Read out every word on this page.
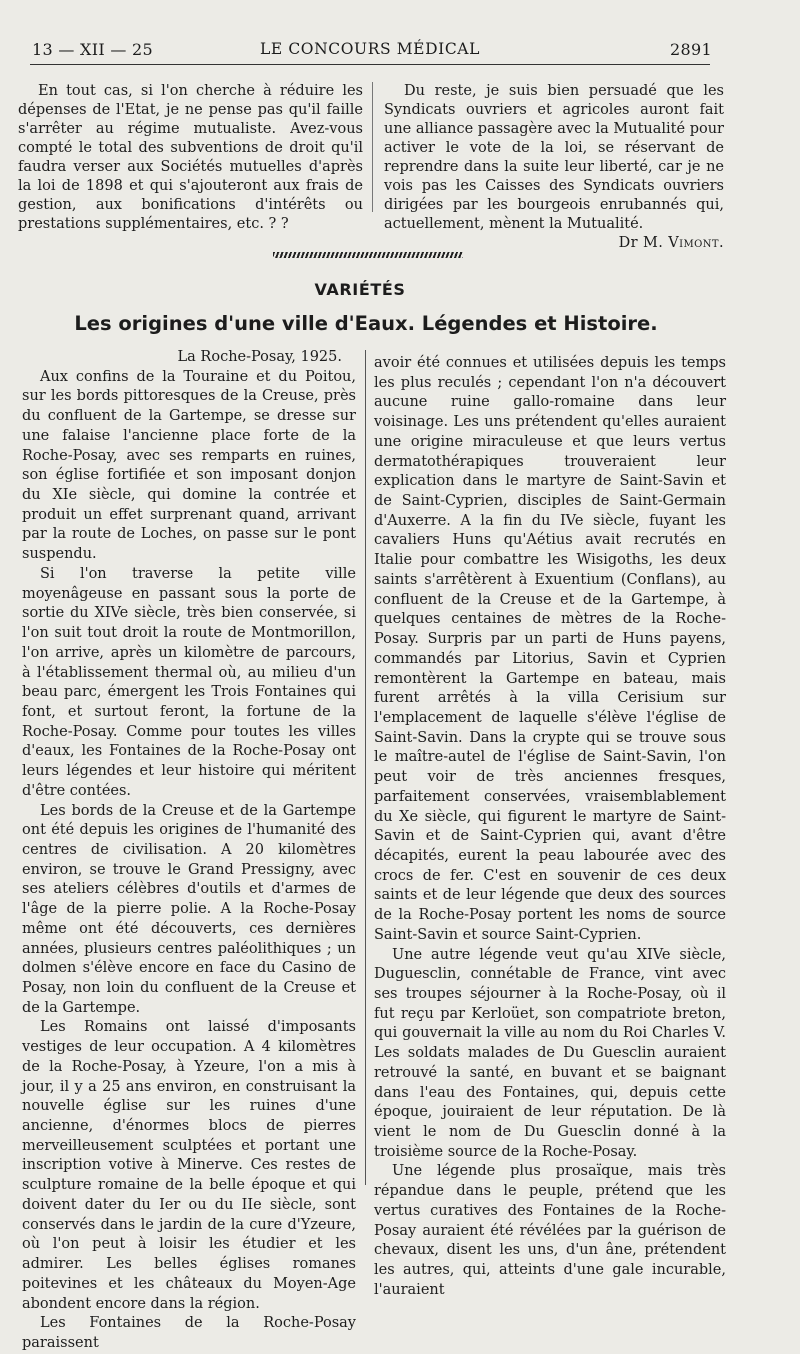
13 — XII — 25	LE CONCOURS MÉDICAL	2891

En tout cas, si l'on cherche à réduire les dépenses de l'Etat, je ne pense pas qu'il faille s'arrêter au régime mutualiste. Avez-vous compté le total des subventions de droit qu'il faudra verser aux Sociétés mutuelles d'après la loi de 1898 et qui s'ajouteront aux frais de gestion, aux bonifications d'intérêts ou prestations supplémentaires, etc. ? ?

Du reste, je suis bien persuadé que les Syndicats ouvriers et agricoles auront fait une alliance passagère avec la Mutualité pour activer le vote de la loi, se réservant de reprendre dans la suite leur liberté, car je ne vois pas les Caisses des Syndicats ouvriers dirigées par les bourgeois enrubannés qui, actuellement, mènent la Mutualité.

Dr M. Vimont.
VARIÉTÉS
Les origines d'une ville d'Eaux. Légendes et Histoire.

La Roche-Posay, 1925.

Aux confins de la Touraine et du Poitou, sur les bords pittoresques de la Creuse, près du confluent de la Gartempe, se dresse sur une falaise l'ancienne place forte de la Roche-Posay, avec ses remparts en ruines, son église fortifiée et son imposant donjon du XIe siècle, qui domine la contrée et produit un effet surprenant quand, arrivant par la route de Loches, on passe sur le pont suspendu.

Si l'on traverse la petite ville moyenâgeuse en passant sous la porte de sortie du XIVe siècle, très bien conservée, si l'on suit tout droit la route de Montmorillon, l'on arrive, après un kilomètre de parcours, à l'établissement thermal où, au milieu d'un beau parc, émergent les Trois Fontaines qui font, et surtout feront, la fortune de la Roche-Posay. Comme pour toutes les villes d'eaux, les Fontaines de la Roche-Posay ont leurs légendes et leur histoire qui méritent d'être contées.

Les bords de la Creuse et de la Gartempe ont été depuis les origines de l'humanité des centres de civilisation. A 20 kilomètres environ, se trouve le Grand Pressigny, avec ses ateliers célèbres d'outils et d'armes de l'âge de la pierre polie. A la Roche-Posay même ont été découverts, ces dernières années, plusieurs centres paléolithiques ; un dolmen s'élève encore en face du Casino de Posay, non loin du confluent de la Creuse et de la Gartempe.

Les Romains ont laissé d'imposants vestiges de leur occupation. A 4 kilomètres de la Roche-Posay, à Yzeure, l'on a mis à jour, il y a 25 ans environ, en construisant la nouvelle église sur les ruines d'une ancienne, d'énormes blocs de pierres merveilleusement sculptées et portant une inscription votive à Minerve. Ces restes de sculpture romaine de la belle époque et qui doivent dater du Ier ou du IIe siècle, sont conservés dans le jardin de la cure d'Yzeure, où l'on peut à loisir les étudier et les admirer. Les belles églises romanes poitevines et les châteaux du Moyen-Age abondent encore dans la région.

Les Fontaines de la Roche-Posay paraissent

avoir été connues et utilisées depuis les temps les plus reculés ; cependant l'on n'a découvert aucune ruine gallo-romaine dans leur voisinage. Les uns prétendent qu'elles auraient une origine miraculeuse et que leurs vertus dermatothérapiques trouveraient leur explication dans le martyre de Saint-Savin et de Saint-Cyprien, disciples de Saint-Germain d'Auxerre. A la fin du IVe siècle, fuyant les cavaliers Huns qu'Aétius avait recrutés en Italie pour combattre les Wisigoths, les deux saints s'arrêtèrent à Exuentium (Conflans), au confluent de la Creuse et de la Gartempe, à quelques centaines de mètres de la Roche-Posay. Surpris par un parti de Huns payens, commandés par Litorius, Savin et Cyprien remontèrent la Gartempe en bateau, mais furent arrêtés à la villa Cerisium sur l'emplacement de laquelle s'élève l'église de Saint-Savin. Dans la crypte qui se trouve sous le maître-autel de l'église de Saint-Savin, l'on peut voir de très anciennes fresques, parfaitement conservées, vraisemblablement du Xe siècle, qui figurent le martyre de Saint-Savin et de Saint-Cyprien qui, avant d'être décapités, eurent la peau labourée avec des crocs de fer. C'est en souvenir de ces deux saints et de leur légende que deux des sources de la Roche-Posay portent les noms de source Saint-Savin et source Saint-Cyprien.

Une autre légende veut qu'au XIVe siècle, Duguesclin, connétable de France, vint avec ses troupes séjourner à la Roche-Posay, où il fut reçu par Kerloüet, son compatriote breton, qui gouvernait la ville au nom du Roi Charles V. Les soldats malades de Du Guesclin auraient retrouvé la santé, en buvant et se baignant dans l'eau des Fontaines, qui, depuis cette époque, jouiraient de leur réputation. De là vient le nom de Du Guesclin donné à la troisième source de la Roche-Posay.

Une légende plus prosaïque, mais très répandue dans le peuple, prétend que les vertus curatives des Fontaines de la Roche-Posay auraient été révélées par la guérison de chevaux, disent les uns, d'un âne, prétendent les autres, qui, atteints d'une gale incurable, l'auraient
